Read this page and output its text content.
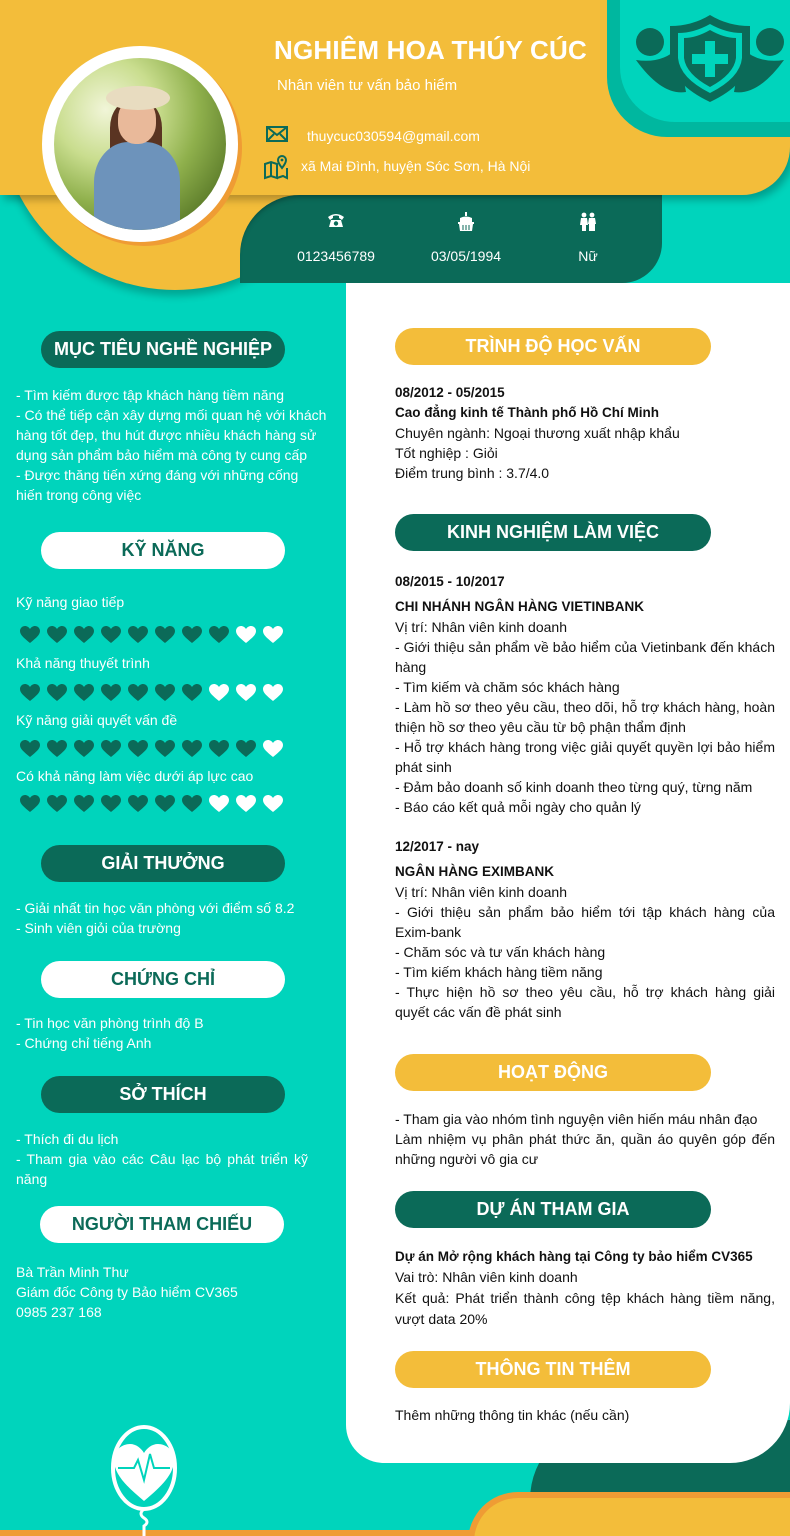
NGHIÊM HOA THÚY CÚC
Nhân viên tư vấn bảo hiểm
thuycuc030594@gmail.com
xã Mai Đình, huyện Sóc Sơn, Hà Nội
0123456789	03/05/1994	Nữ
MỤC TIÊU NGHỀ NGHIỆP
- Tìm kiếm được tập khách hàng tiềm năng
- Có thể tiếp cận xây dựng mối quan hệ với khách hàng tốt đẹp, thu hút được nhiều khách hàng sử dụng sản phẩm bảo hiểm mà công ty cung cấp
- Được thăng tiến xứng đáng với những cống hiến trong công việc
KỸ NĂNG
Kỹ năng giao tiếp
Khả năng thuyết trình
Kỹ năng giải quyết vấn đề
Có khả năng làm việc dưới áp lực cao
GIẢI THƯỞNG
- Giải nhất tin học văn phòng với điểm số 8.2
- Sinh viên giỏi của trường
CHỨNG CHỈ
- Tin học văn phòng trình độ B
- Chứng chỉ tiếng Anh
SỞ THÍCH
- Thích đi du lịch
- Tham gia vào các Câu lạc bộ phát triển kỹ năng
NGƯỜI THAM CHIẾU
Bà Trần Minh Thư
Giám đốc Công ty Bảo hiểm CV365
0985 237 168
TRÌNH ĐỘ HỌC VẤN
08/2012 - 05/2015
Cao đẳng kinh tế Thành phố Hồ Chí Minh
Chuyên ngành: Ngoại thương xuất nhập khẩu
Tốt nghiệp : Giỏi
Điểm trung bình : 3.7/4.0
KINH NGHIỆM LÀM VIỆC
08/2015 - 10/2017
CHI NHÁNH NGÂN HÀNG VIETINBANK
Vị trí: Nhân viên kinh doanh
- Giới thiệu sản phẩm về bảo hiểm của Vietinbank đến khách hàng
- Tìm kiếm và chăm sóc khách hàng
- Làm hồ sơ theo yêu cầu, theo dõi, hỗ trợ khách hàng, hoàn thiện hồ sơ theo yêu cầu từ bộ phận thẩm định
- Hỗ trợ khách hàng trong việc giải quyết quyền lợi bảo hiểm phát sinh
- Đảm bảo doanh số kinh doanh theo từng quý, từng năm
- Báo cáo kết quả mỗi ngày cho quản lý
12/2017 - nay
NGÂN HÀNG EXIMBANK
Vị trí: Nhân viên kinh doanh
- Giới thiệu sản phẩm bảo hiểm tới tập khách hàng của Exim-bank
- Chăm sóc và tư vấn khách hàng
- Tìm kiếm khách hàng tiềm năng
- Thực hiện hồ sơ theo yêu cầu, hỗ trợ khách hàng giải quyết các vấn đề phát sinh
HOẠT ĐỘNG
- Tham gia vào nhóm tình nguyện viên hiến máu nhân đạo
Làm nhiệm vụ phân phát thức ăn, quần áo quyên góp đến những người vô gia cư
DỰ ÁN THAM GIA
Dự án Mở rộng khách hàng tại Công ty bảo hiểm CV365
Vai trò: Nhân viên kinh doanh
Kết quả: Phát triển thành công tệp khách hàng tiềm năng, vượt data 20%
THÔNG TIN THÊM
Thêm những thông tin khác (nếu cần)
